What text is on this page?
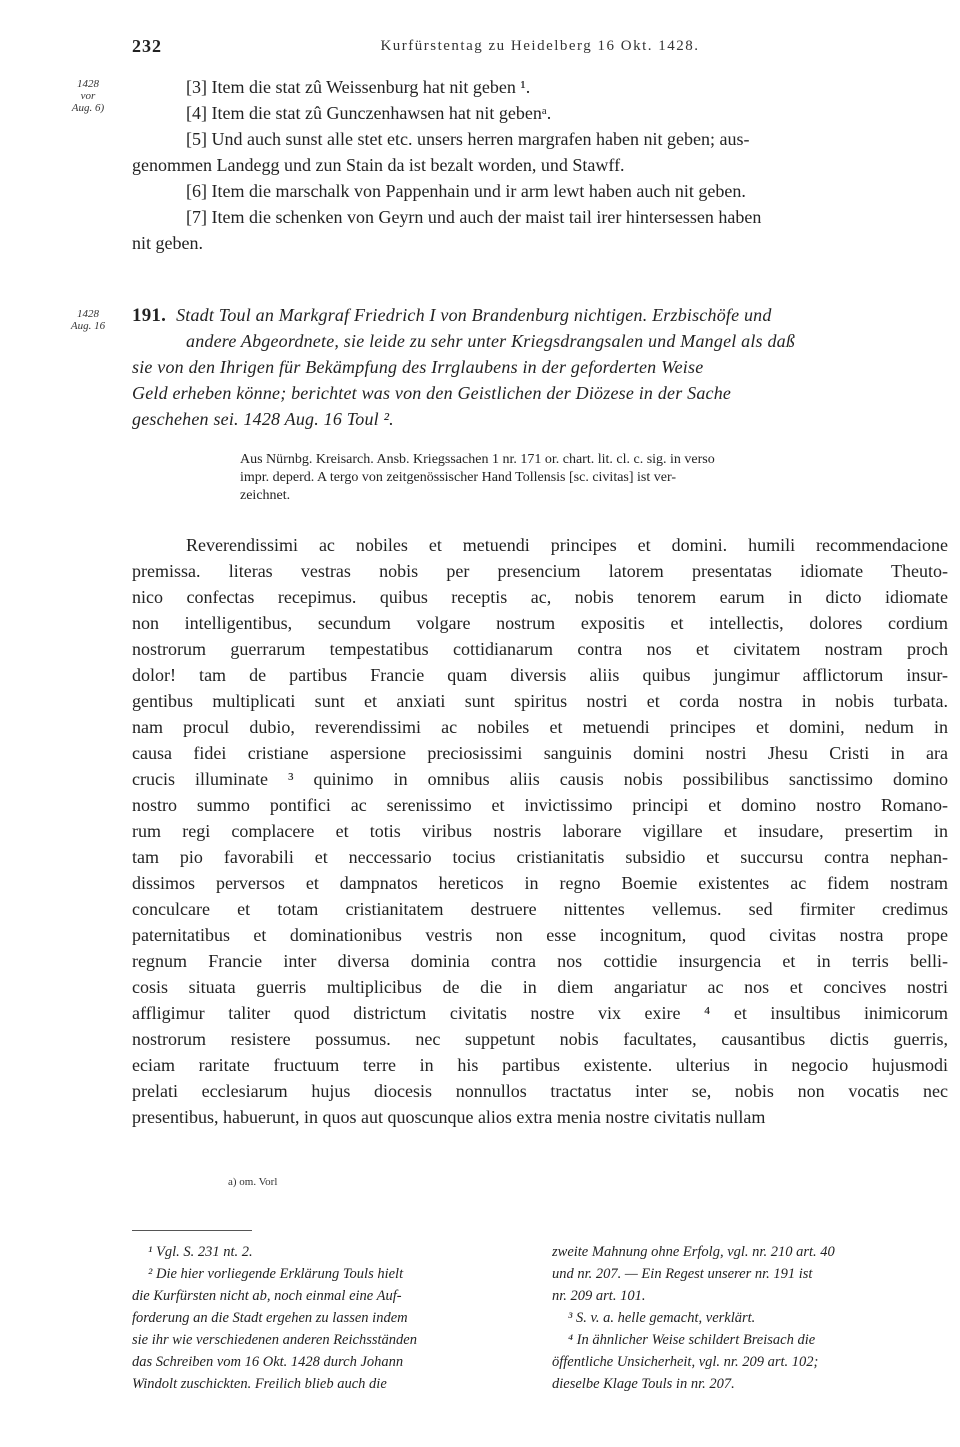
232	Kurfürstentag zu Heidelberg 16 Okt. 1428.
1428
vor
Aug. 6)
1428
Aug. 16
[3] Item die stat zû Weissenburg hat nit geben ¹.
[4] Item die stat zû Gunczenhawsen hat nit gebenᵃ.
[5] Und auch sunst alle stet etc. unsers herren margrafen haben nit geben; aus-
genommen Landegg und zun Stain da ist bezalt worden, und Stawff.
[6] Item die marschalk von Pappenhain und ir arm lewt haben auch nit geben.
[7] Item die schenken von Geyrn und auch der maist tail irer hintersessen haben
nit geben.
191. Stadt Toul an Markgraf Friedrich I von Brandenburg nichtigen. Erzbischöfe und
andere Abgeordnete, sie leide zu sehr unter Kriegsdrangsalen und Mangel als daß
sie von den Ihrigen für Bekämpfung des Irrglaubens in der geforderten Weise
Geld erheben könne; berichtet was von den Geistlichen der Diözese in der Sache
geschehen sei. 1428 Aug. 16 Toul ².
Aus Nürnbg. Kreisarch. Ansb. Kriegssachen 1 nr. 171 or. chart. lit. cl. c. sig. in verso
impr. deperd. A tergo von zeitgenössischer Hand Tollensis [sc. civitas] ist ver-
zeichnet.
Reverendissimi ac nobiles et metuendi principes et domini. humili recommendacione
premissa. literas vestras nobis per presencium latorem presentatas idiomate Theuto-
nico confectas recepimus. quibus receptis ac, nobis tenorem earum in dicto idiomate
non intelligentibus, secundum volgare nostrum expositis et intellectis, dolores cordium
nostrorum guerrarum tempestatibus cottidianarum contra nos et civitatem nostram proch
dolor! tam de partibus Francie quam diversis aliis quibus jungimur afflictorum insur-
gentibus multiplicati sunt et anxiati sunt spiritus nostri et corda nostra in nobis turbata.
nam procul dubio, reverendissimi ac nobiles et metuendi principes et domini, nedum in
causa fidei cristiane aspersione preciosissimi sanguinis domini nostri Jhesu Cristi in ara
crucis illuminate ³ quinimo in omnibus aliis causis nobis possibilibus sanctissimo domino
nostro summo pontifici ac serenissimo et invictissimo principi et domino nostro Romano-
rum regi complacere et totis viribus nostris laborare vigillare et insudare, presertim in
tam pio favorabili et neccessario tocius cristianitatis subsidio et succursu contra nephan-
dissimos perversos et dampnatos hereticos in regno Boemie existentes ac fidem nostram
conculcare et totam cristianitatem destruere nittentes vellemus. sed firmiter credimus
paternitatibus et dominationibus vestris non esse incognitum, quod civitas nostra prope
regnum Francie inter diversa dominia contra nos cottidie insurgencia et in terris belli-
cosis situata guerris multiplicibus de die in diem angariatur ac nos et concives nostri
affligimur taliter quod districtum civitatis nostre vix exire ⁴ et insultibus inimicorum
nostrorum resistere possumus. nec suppetunt nobis facultates, causantibus dictis guerris,
eciam raritate fructuum terre in his partibus existente. ulterius in negocio hujusmodi
prelati ecclesiarum hujus diocesis nonnullos tractatus inter se, nobis non vocatis nec
presentibus, habuerunt, in quos aut quoscunque alios extra menia nostre civitatis nullam
a) om. Vorl
¹ Vgl. S. 231 nt. 2.
² Die hier vorliegende Erklärung Touls hielt
die Kurfürsten nicht ab, noch einmal eine Auf-
forderung an die Stadt ergehen zu lassen indem
sie ihr wie verschiedenen anderen Reichsständen
das Schreiben vom 16 Okt. 1428 durch Johann
Windolt zuschickten. Freilich blieb auch die
zweite Mahnung ohne Erfolg, vgl. nr. 210 art. 40
und nr. 207. — Ein Regest unserer nr. 191 ist
nr. 209 art. 101.
³ S. v. a. helle gemacht, verklärt.
⁴ In ähnlicher Weise schildert Breisach die
öffentliche Unsicherheit, vgl. nr. 209 art. 102;
dieselbe Klage Touls in nr. 207.
